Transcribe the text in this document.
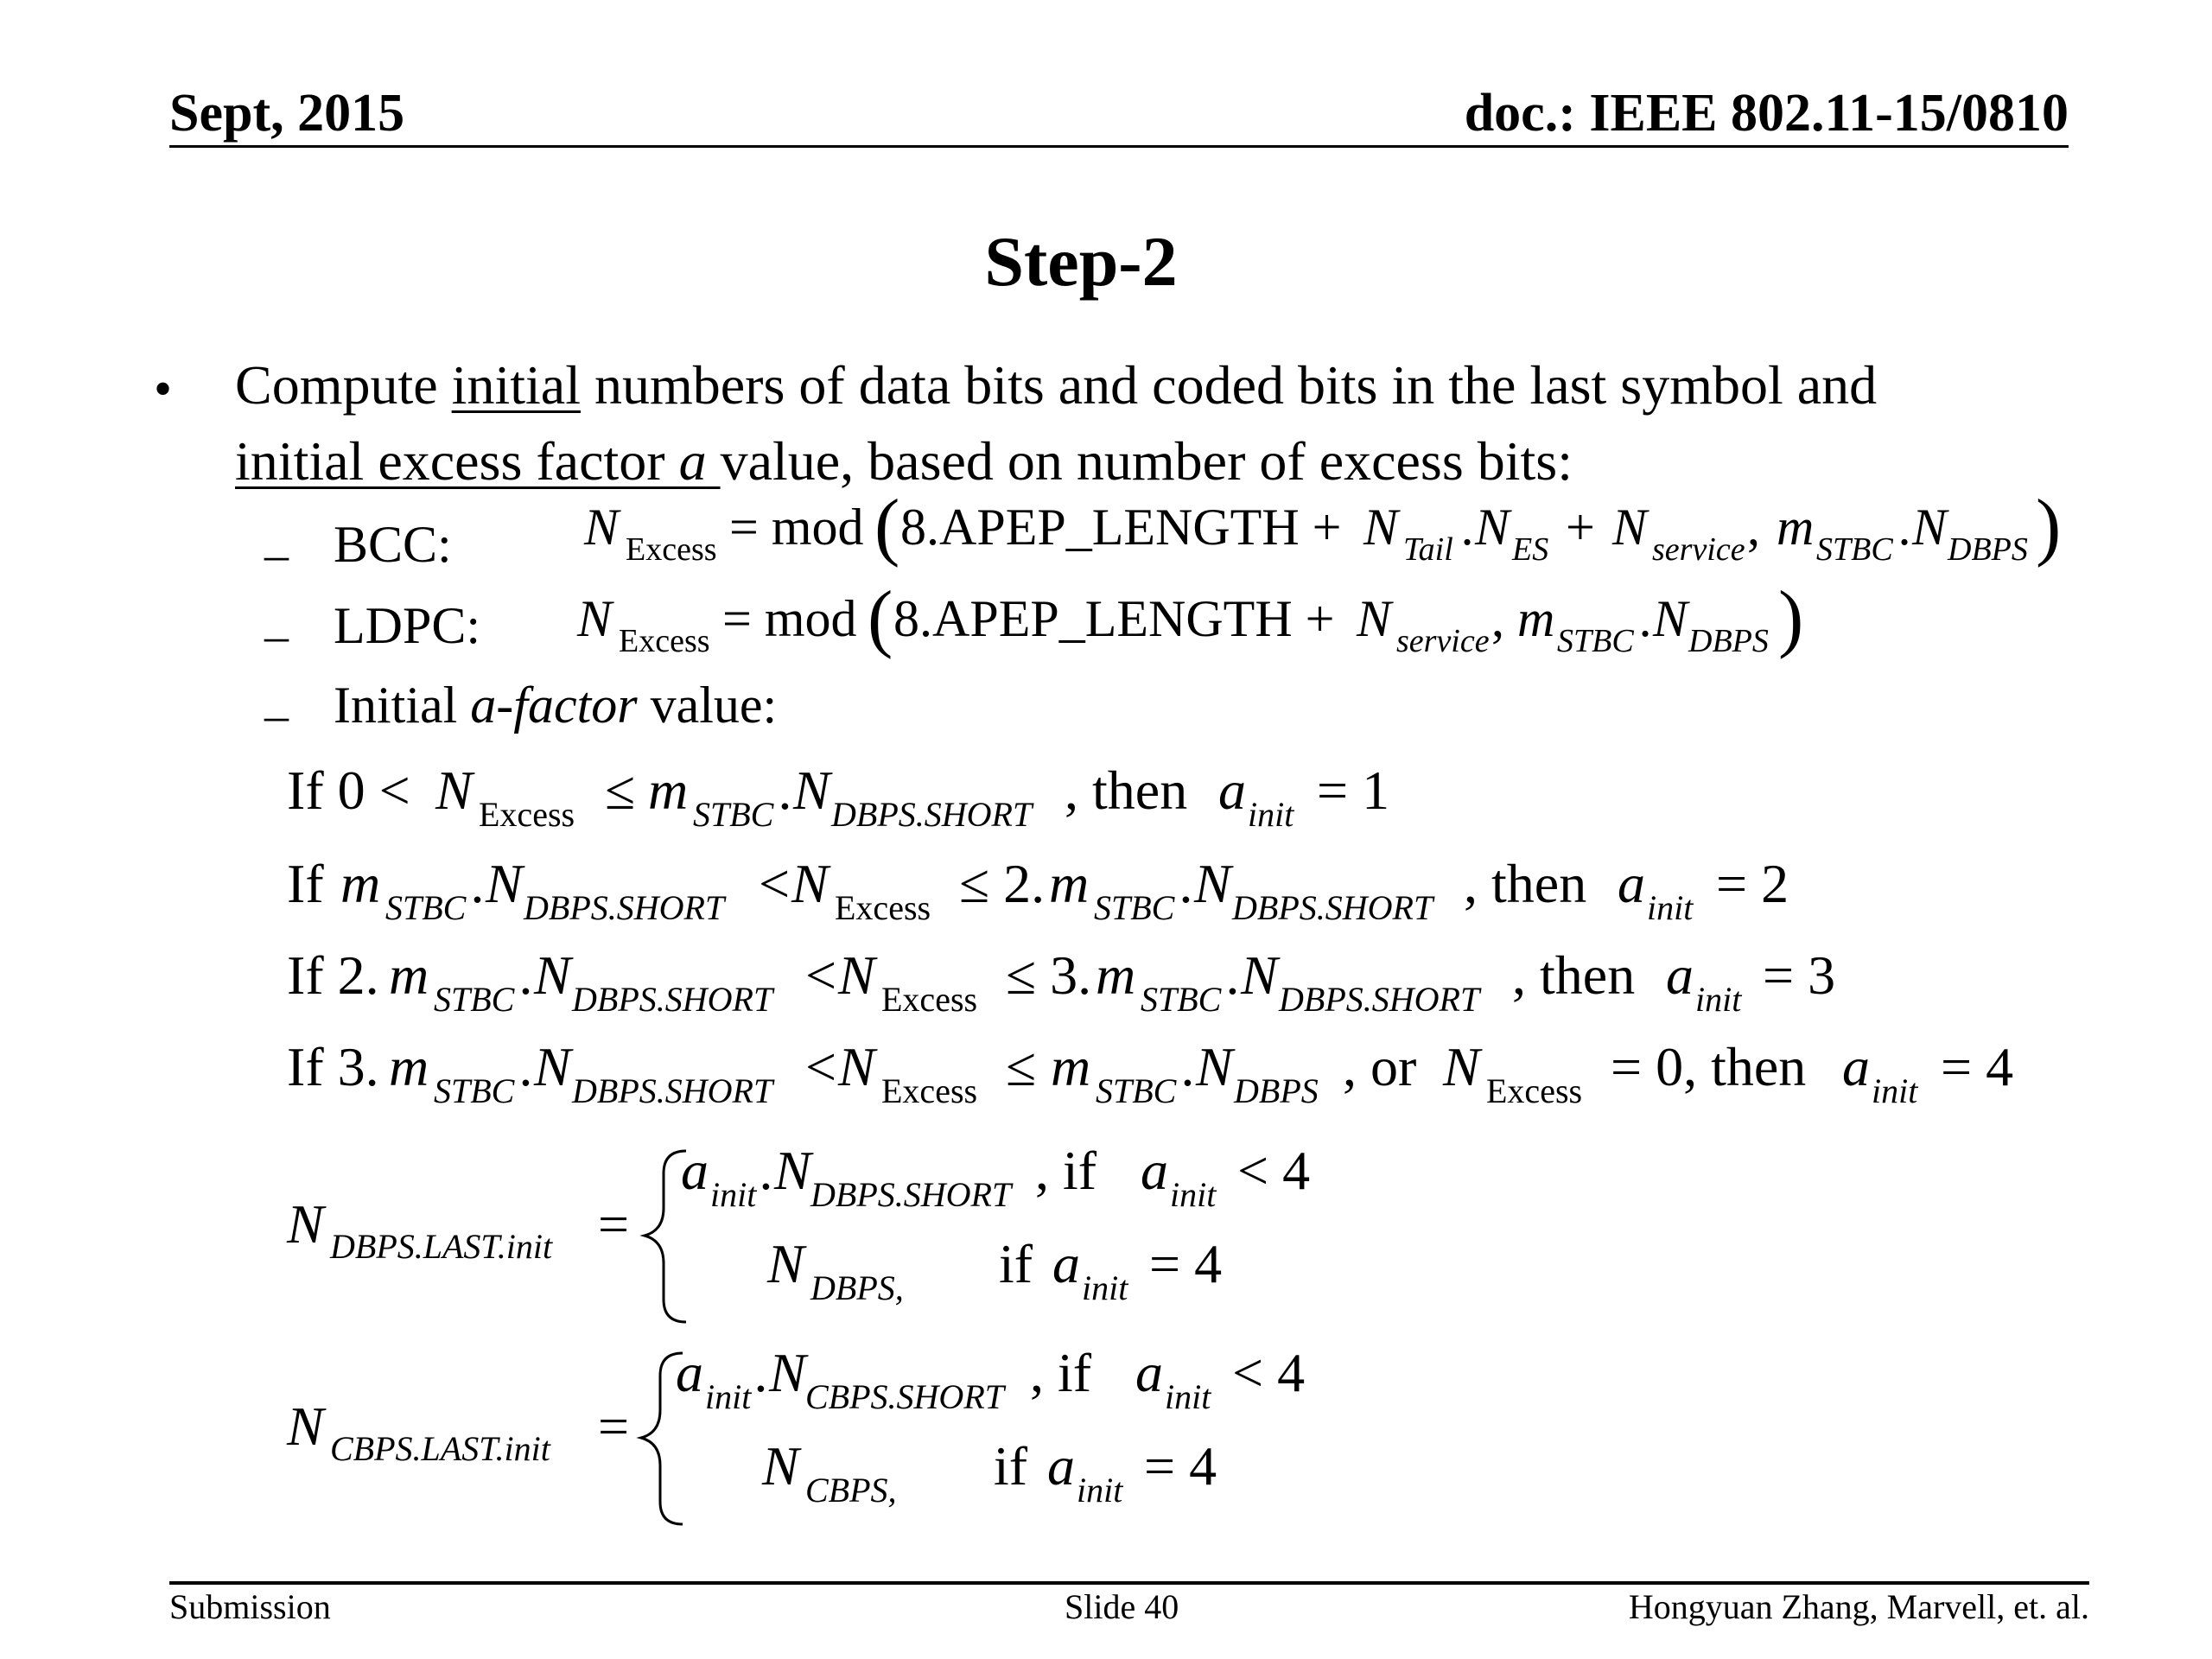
Sept, 2015	doc.: IEEE 802.11-15/0810
Step-2
• Compute initial numbers of data bits and coded bits in the last symbol and
initial excess factor a value, based on number of excess bits:
– BCC:	N Excess = mod ( 8.APEP_LENGTH + N Tail .N ES + N service , m STBC .N DBPS )
– LDPC: N Excess = mod ( 8.APEP_LENGTH + N service , m STBC .N DBPS )
– Initial a-factor value:
If 0 < N Excess ≤ m STBC .N DBPS.SHORT , then a init = 1
If m STBC .N DBPS.SHORT < N Excess ≤ 2. m STBC .N DBPS.SHORT , then a init = 2
If 2. m STBC .N DBPS.SHORT < N Excess ≤ 3. m STBC .N DBPS.SHORT , then a init = 3
If 3. m STBC .N DBPS.SHORT < N Excess ≤ m STBC .N DBPS , or N Excess = 0, then a init = 4
N DBPS.LAST.init =
a init .N DBPS.SHORT , if a init < 4
N DBPS, if a init = 4
N CBPS.LAST.init =
a init .N CBPS.SHORT , if a init < 4
N CBPS, if a init = 4
Submission	Slide 40	Hongyuan Zhang, Marvell, et. al.
